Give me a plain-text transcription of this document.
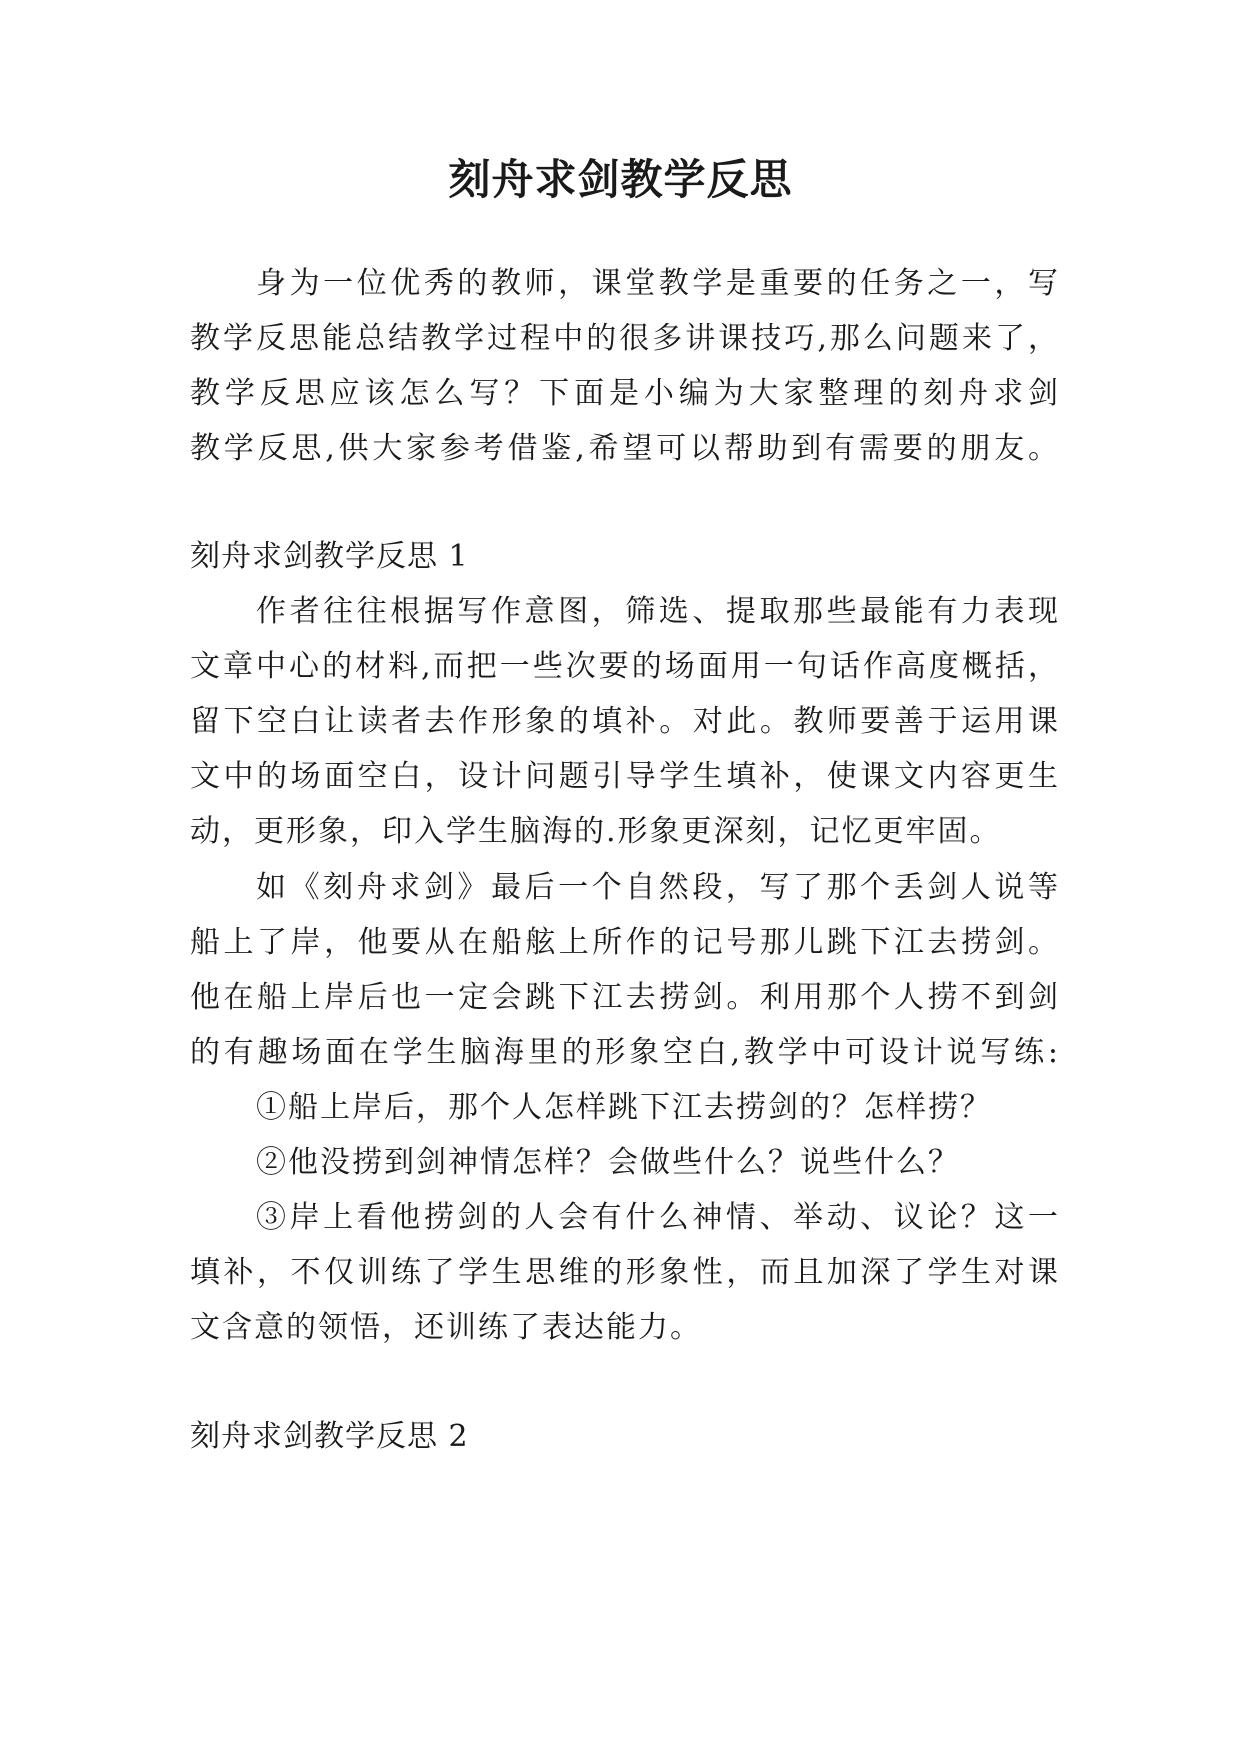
刻舟求剑教学反思
身为一位优秀的教师，课堂教学是重要的任务之一，写
教学反思能总结教学过程中的很多讲课技巧,那么问题来了，
教学反思应该怎么写？下面是小编为大家整理的刻舟求剑
教学反思,供大家参考借鉴,希望可以帮助到有需要的朋友。
刻舟求剑教学反思 1
作者往往根据写作意图，筛选、提取那些最能有力表现
文章中心的材料,而把一些次要的场面用一句话作高度概括，
留下空白让读者去作形象的填补。对此。教师要善于运用课
文中的场面空白，设计问题引导学生填补，使课文内容更生
动，更形象，印入学生脑海的.形象更深刻，记忆更牢固。
如《刻舟求剑》最后一个自然段，写了那个丢剑人说等
船上了岸，他要从在船舷上所作的记号那儿跳下江去捞剑。
他在船上岸后也一定会跳下江去捞剑。利用那个人捞不到剑
的有趣场面在学生脑海里的形象空白,教学中可设计说写练:
①船上岸后，那个人怎样跳下江去捞剑的？怎样捞？
②他没捞到剑神情怎样？会做些什么？说些什么？
③岸上看他捞剑的人会有什么神情、举动、议论？这一
填补，不仅训练了学生思维的形象性，而且加深了学生对课
文含意的领悟，还训练了表达能力。
刻舟求剑教学反思 2
